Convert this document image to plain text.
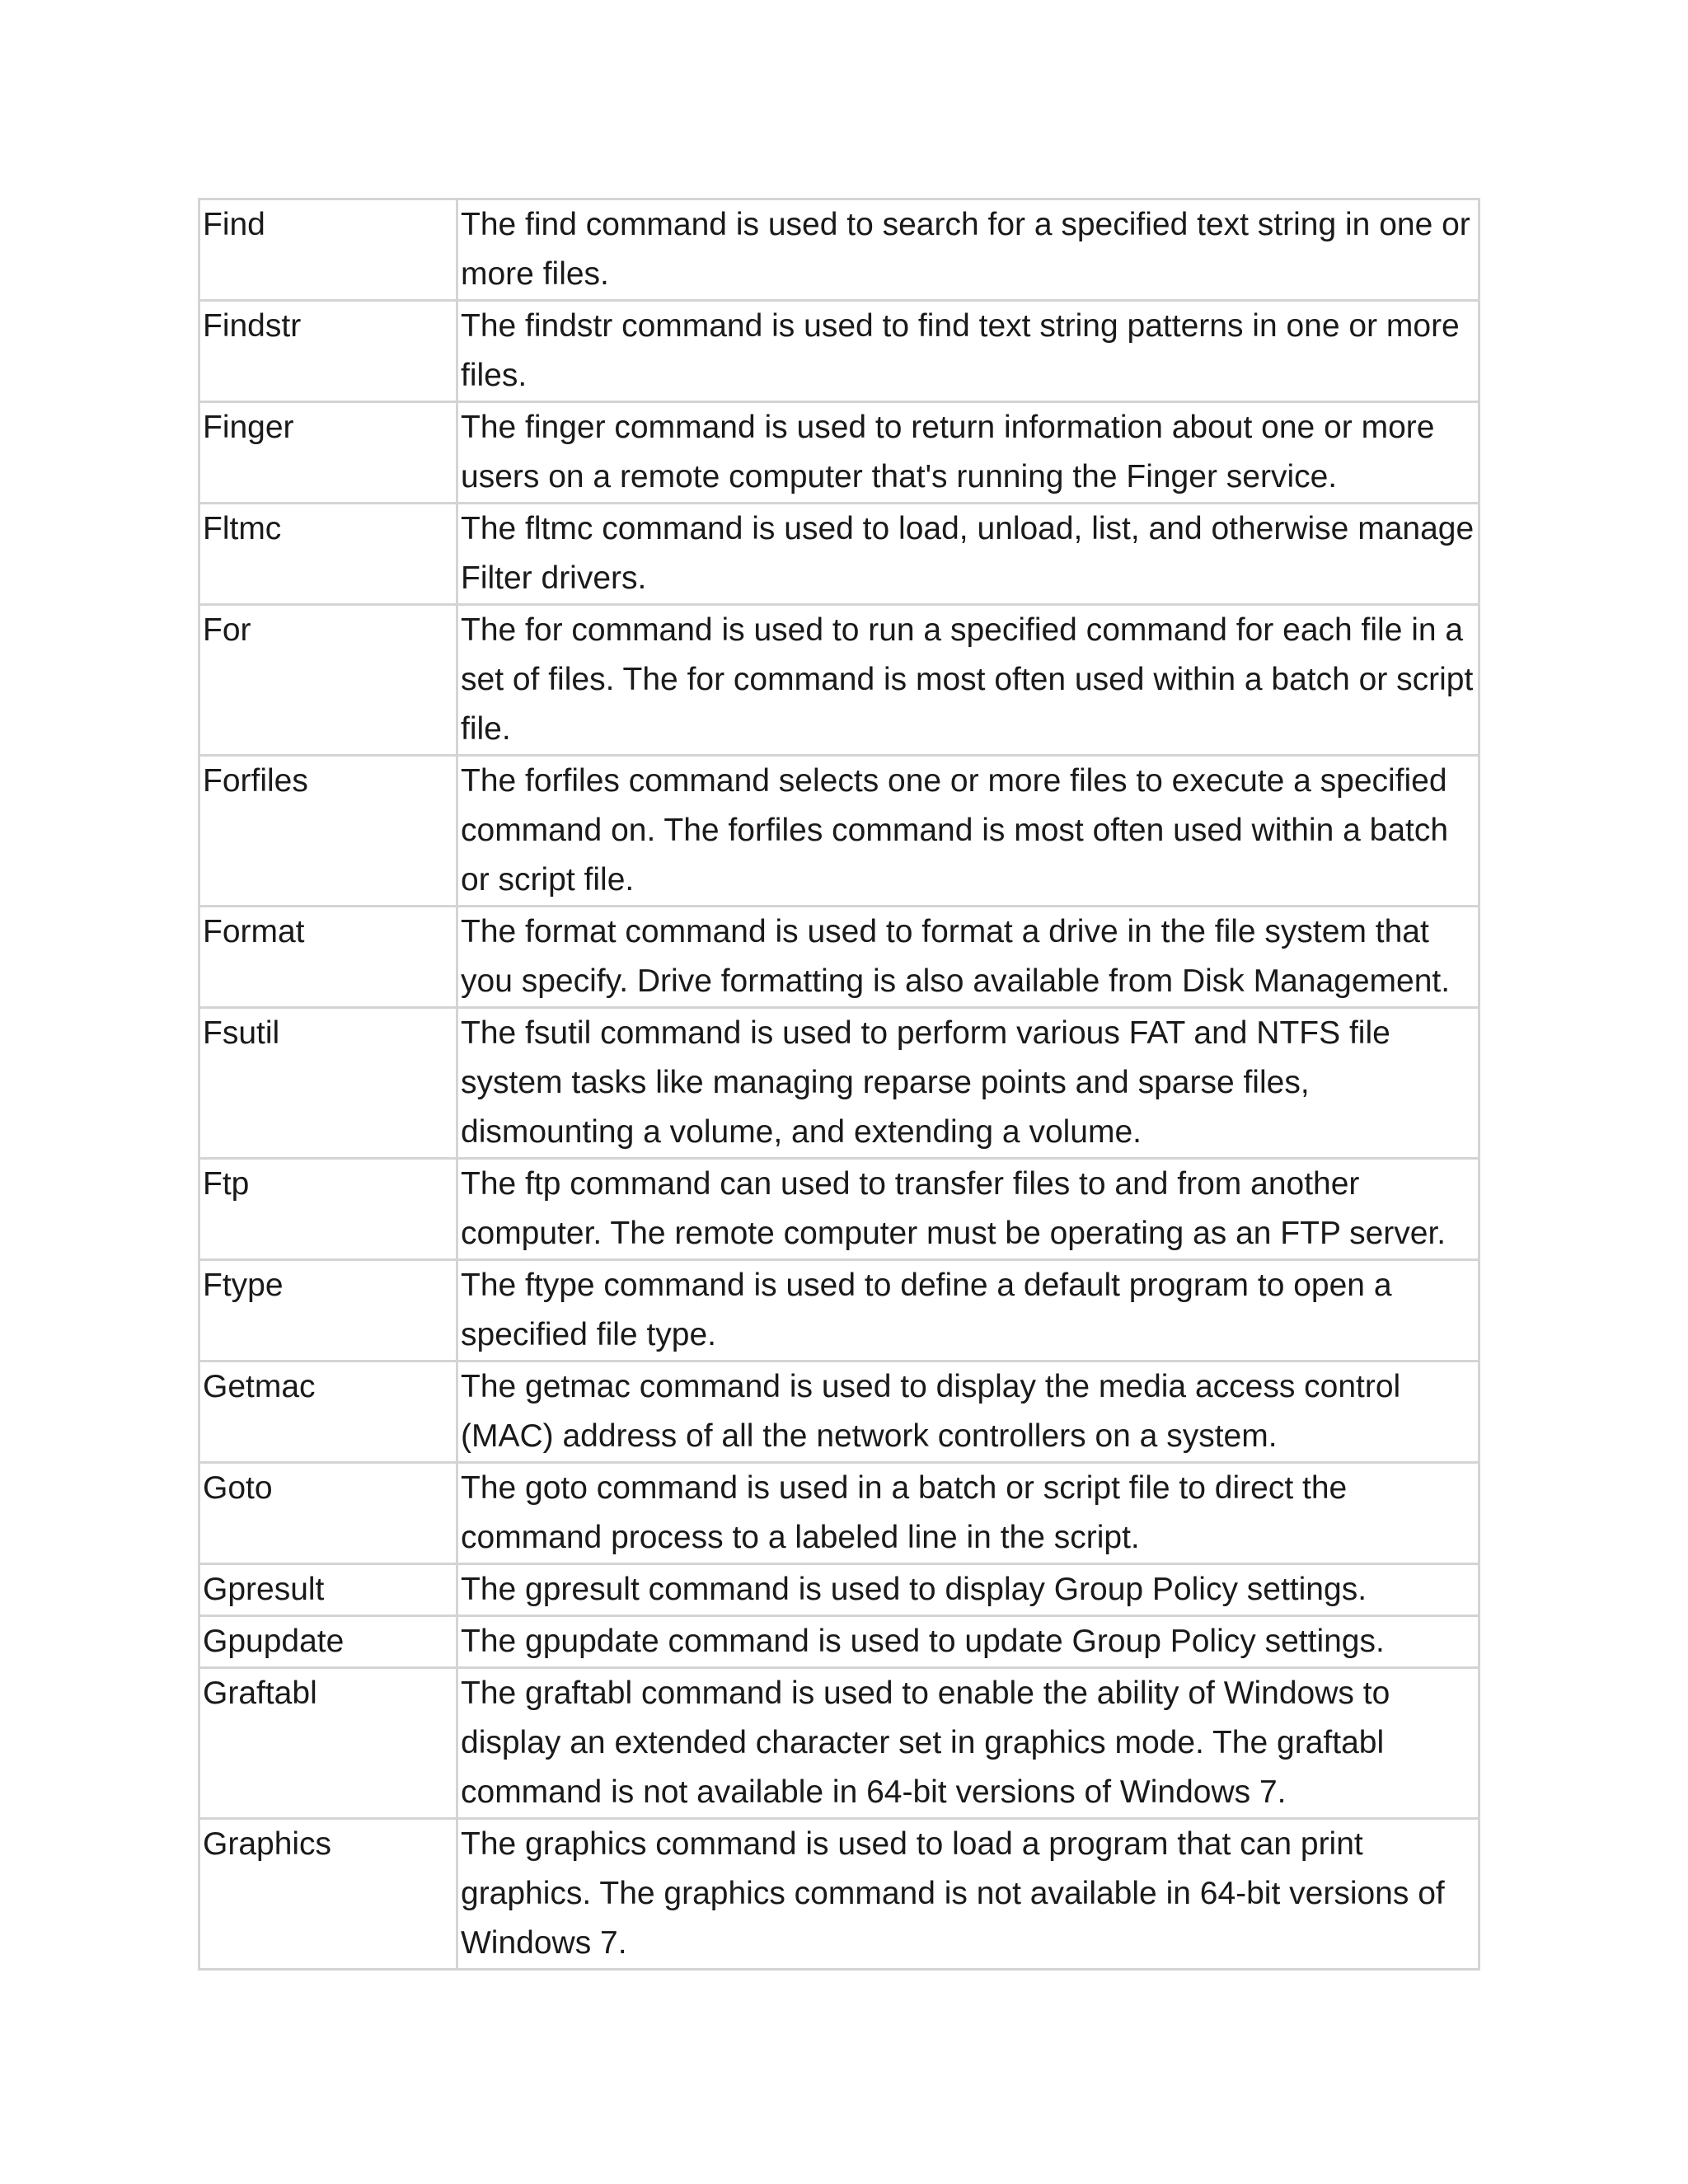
Find	The find command is used to search for a specified text string in one or more files.
Findstr	The findstr command is used to find text string patterns in one or more files.
Finger	The finger command is used to return information about one or more users on a remote computer that's running the Finger service.
Fltmc	The fltmc command is used to load, unload, list, and otherwise manage Filter drivers.
For	The for command is used to run a specified command for each file in a set of files. The for command is most often used within a batch or script file.
Forfiles	The forfiles command selects one or more files to execute a specified command on. The forfiles command is most often used within a batch or script file.
Format	The format command is used to format a drive in the file system that you specify. Drive formatting is also available from Disk Management.
Fsutil	The fsutil command is used to perform various FAT and NTFS file system tasks like managing reparse points and sparse files, dismounting a volume, and extending a volume.
Ftp	The ftp command can used to transfer files to and from another computer. The remote computer must be operating as an FTP server.
Ftype	The ftype command is used to define a default program to open a specified file type.
Getmac	The getmac command is used to display the media access control (MAC) address of all the network controllers on a system.
Goto	The goto command is used in a batch or script file to direct the command process to a labeled line in the script.
Gpresult	The gpresult command is used to display Group Policy settings.
Gpupdate	The gpupdate command is used to update Group Policy settings.
Graftabl	The graftabl command is used to enable the ability of Windows to display an extended character set in graphics mode. The graftabl command is not available in 64-bit versions of Windows 7.
Graphics	The graphics command is used to load a program that can print graphics. The graphics command is not available in 64-bit versions of Windows 7.
